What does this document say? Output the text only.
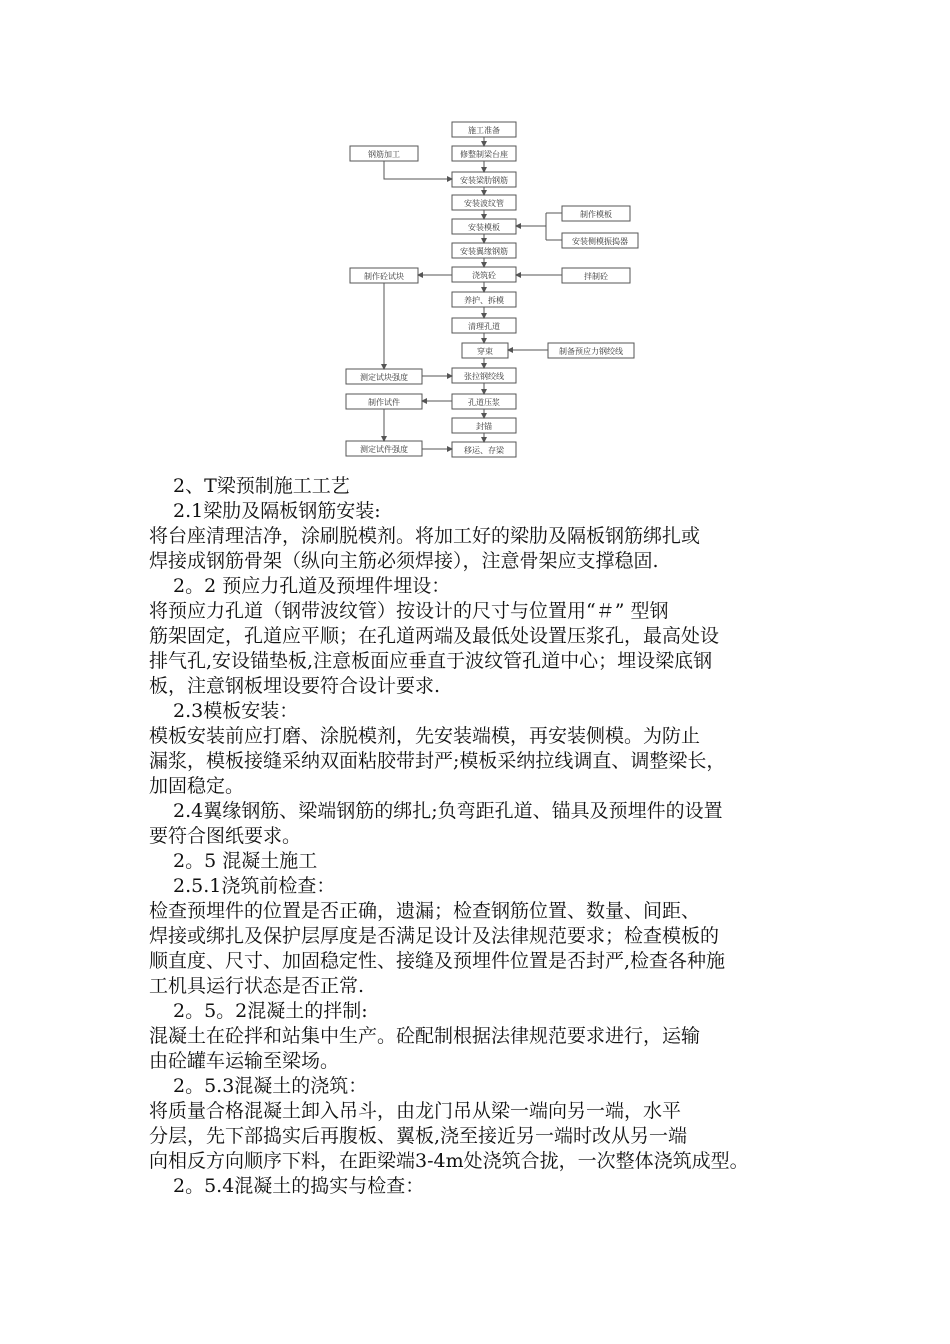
施工准备
修整制梁台座
安装梁肋钢筋
安装波纹管
安装模板
安装翼缘钢筋
浇筑砼
养护、拆模
清理孔道
穿束
张拉钢绞线
孔道压浆
封锚
移运、存梁
钢筋加工
制作砼试块
测定试块强度
制作试件
测定试件强度
制作模板
安装侧模振捣器
拌制砼
制备预应力钢绞线

2、T梁预制施工工艺

2.1梁肋及隔板钢筋安装:

将台座清理洁净，涂刷脱模剂。将加工好的梁肋及隔板钢筋绑扎或

焊接成钢筋骨架（纵向主筋必须焊接），注意骨架应支撑稳固.

2。2 预应力孔道及预埋件埋设：

将预应力孔道（钢带波纹管）按设计的尺寸与位置用“＃” 型钢

筋架固定，孔道应平顺；在孔道两端及最低处设置压浆孔，最高处设

排气孔,安设锚垫板,注意板面应垂直于波纹管孔道中心；埋设梁底钢

板，注意钢板埋设要符合设计要求.

2.3模板安装：

模板安装前应打磨、涂脱模剂，先安装端模，再安装侧模。为防止

漏浆，模板接缝采纳双面粘胶带封严;模板采纳拉线调直、调整梁长，

加固稳定。

2.4翼缘钢筋、梁端钢筋的绑扎;负弯距孔道、锚具及预埋件的设置

要符合图纸要求。

2。5 混凝土施工

2.5.1浇筑前检查：

检查预埋件的位置是否正确，遗漏；检查钢筋位置、数量、间距、

焊接或绑扎及保护层厚度是否满足设计及法律规范要求；检查模板的

顺直度、尺寸、加固稳定性、接缝及预埋件位置是否封严,检查各种施

工机具运行状态是否正常.

2。5。2混凝土的拌制:

混凝土在砼拌和站集中生产。砼配制根据法律规范要求进行，运输

由砼罐车运输至梁场。

2。5.3混凝土的浇筑：

将质量合格混凝土卸入吊斗，由龙门吊从梁一端向另一端，水平

分层，先下部捣实后再腹板、翼板,浇至接近另一端时改从另一端

向相反方向顺序下料，在距梁端3-4m处浇筑合拢，一次整体浇筑成型。

2。5.4混凝土的捣实与检查：
